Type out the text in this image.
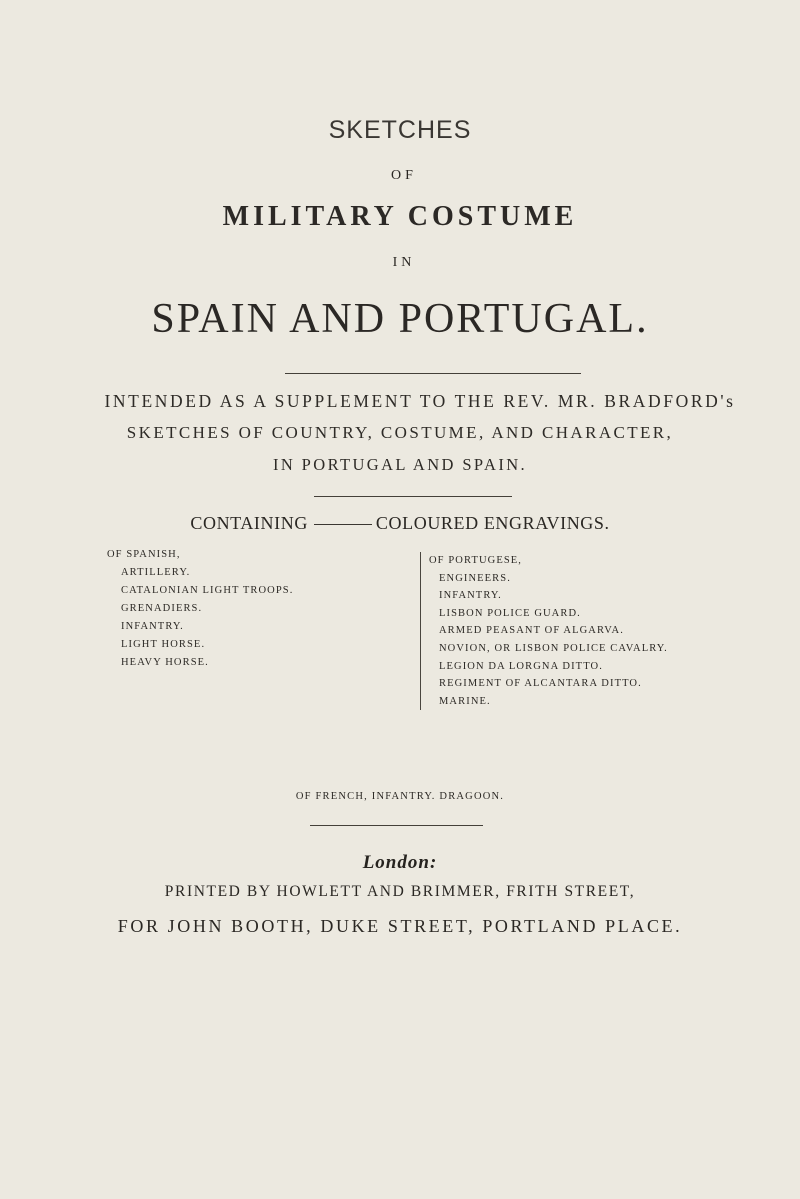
SKETCHES
OF
MILITARY COSTUME
IN
SPAIN AND PORTUGAL.
INTENDED AS A SUPPLEMENT TO THE REV. MR. BRADFORD's
SKETCHES OF COUNTRY, COSTUME, AND CHARACTER,
IN PORTUGAL AND SPAIN.
CONTAINING	COLOURED ENGRAVINGS.
OF SPANISH,
ARTILLERY.
CATALONIAN LIGHT TROOPS.
GRENADIERS.
INFANTRY.
LIGHT HORSE.
HEAVY HORSE.
OF PORTUGESE,
ENGINEERS.
INFANTRY.
LISBON POLICE GUARD.
ARMED PEASANT OF ALGARVA.
NOVION, OR LISBON POLICE CAVALRY.
LEGION DA LORGNA DITTO.
REGIMENT OF ALCANTARA DITTO.
MARINE.
OF FRENCH, INFANTRY. DRAGOON.
London:
PRINTED BY HOWLETT AND BRIMMER, FRITH STREET,
FOR JOHN BOOTH, DUKE STREET, PORTLAND PLACE.
